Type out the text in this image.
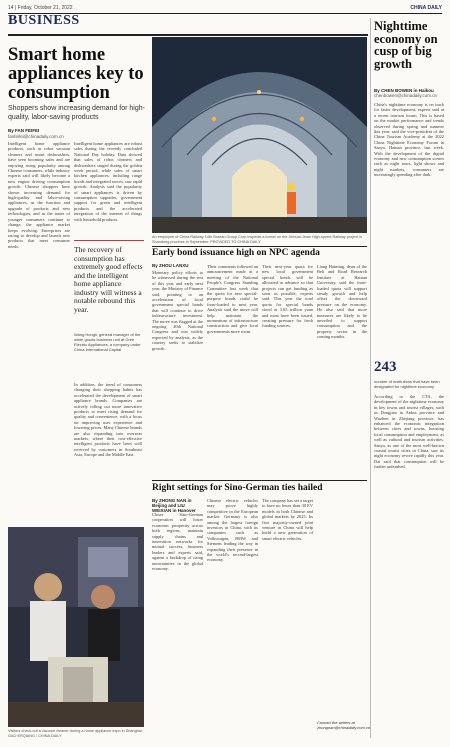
14 | Friday, October 21, 2022	CHINA DAILY
BUSINESS
Smart home appliances key to consumption
Shoppers show increasing demand for high-quality, labor-saving products
By FAN FEIFEI
fanfeifei@chinadaily.com.cn
Intelligent home appliance products, such as robot vacuum cleaners and smart dishwashers, have seen booming sales and are enjoying rising popularity among Chinese consumers, while industry experts said will likely become a new engine driving consumption growth. Chinese shoppers have shown increasing demand for high-quality and labor-saving appliances, as the function and upgrade of products and new technologies, and as the tastes of younger consumers continue to change, the appliance market keeps evolving. Enterprises are racing to develop and launch new products that meet consumer needs.
Intelligent home appliances are robust sales during the recently concluded National Day holiday. Data showed that sales of robot cleaners and dishwashers surged during the golden week period, while sales of smart kitchen appliances, including range hoods and integrated stoves, saw rapid growth. Analysts said the popularity of smart appliances is driven by consumption upgrades, government support for green and intelligent products and the accelerated integration of the internet of things with household products.
The recovery of consumption has extremely good effects and the intelligent home appliance industry will witness a notable rebound this year.
Wang Hongli, general manager of the white goods business unit at Gree Electric Appliances, a company under China International Capital
In addition, the trend of consumers changing their shopping habits has accelerated the development of smart appliance brands. Companies are actively rolling out more innovative products to meet rising demand for quality and convenience, with a focus on improving user experience and lowering prices. Many Chinese brands are also expanding into overseas markets, where their cost-effective intelligent products have been well received by customers in Southeast Asia, Europe and the Middle East.
Visitors check out a vacuum cleaner during a home appliance expo in Shanghai. GAO ERQIANG / CHINA DAILY
An employee of China Railway 14th Bureau Group Corp inspects a tunnel on the Jinhuai-Jinan High-speed Railway project in Shandong province in September. PROVIDED TO CHINA DAILY
Early bond issuance high on NPC agenda
By ZHOU LANXU
Monetary policy efforts to be witnessed during the rest of this year and early next year, the Ministry of Finance said, pointing to an acceleration of local government special bonds that will continue to drive infrastructure investment. The move was flagged at the ongoing 20th National Congress and was widely expected by analysts, as the country seeks to stabilize growth.
Their comments followed an announcement made at a meeting of the National People's Congress Standing Committee last week that the quota for new special-purpose bonds could be front-loaded to next year. Analysts said the move will help maintain the momentum of infrastructure construction and give local governments more room.
Their next-year quota for new local government special bonds will be allocated in advance so that projects can get funding as soon as possible, experts said. This year the total quota for special bonds stood at 3.65 trillion yuan and most have been issued, creating pressure for fresh funding sources.
Liang Haiming, dean of the Belt and Road Research Institute at Hainan University, said the front-loaded quota will support steady growth and help offset the downward pressure on the economy. He also said that more measures are likely to be unveiled to support consumption and the property sector in the coming months.
Right settings for Sino-German ties hailed
By ZHONG NAN in Beijing and LIU WEIXIAN in Hanover
Closer Sino-German cooperation will foster economic prosperity across both regions, maintain supply chains and innovation networks for mutual success, business leaders and experts said, against a backdrop of rising uncertainties in the global economy.
Chinese electric vehicles may prove highly competitive in the European market. Germany is also among the largest foreign investors in China, with its companies such as Volkswagen, BMW and Siemens leading the way in expanding their presence in the world's second-largest economy.
The company has set a target to have no fewer than 30 EV models in both Chinese and global markets by 2025. Its first majority-owned joint venture in China will help build a new generation of smart electric vehicles.
Contact the writers at zhongnan@chinadaily.com.cn
Nighttime economy on cusp of big growth
By CHEN BOWEN in Haikou
chenbowen@chinadaily.com.cn
China's nighttime economy is on track for faster development, experts said at a recent tourism forum. This is based on the market performance and trends observed during spring and summer this year, said the vice-president of the China Tourism Academy at the 2022 China Nighttime Economy Forum in Sanya, Hainan province, last week. With the development of the digital economy and new consumption scenes such as night tours, light shows and night markets, consumers are increasingly spending after dark.
243
number of institutions that have been designated for nighttime economy
According to the CTA, the development of the nighttime economy in key towns and tourist villages, such as Dongjiao in Anhui province and Wuzhen in Zhejiang province, has enhanced the economic integration between cities and towns, boosting local consumption and employment, as well as cultural and tourism activities. Sanya, as one of the most well-known coastal tourist cities in China, saw its night economy revive rapidly this year. Dai said that consumption will be further unleashed.
